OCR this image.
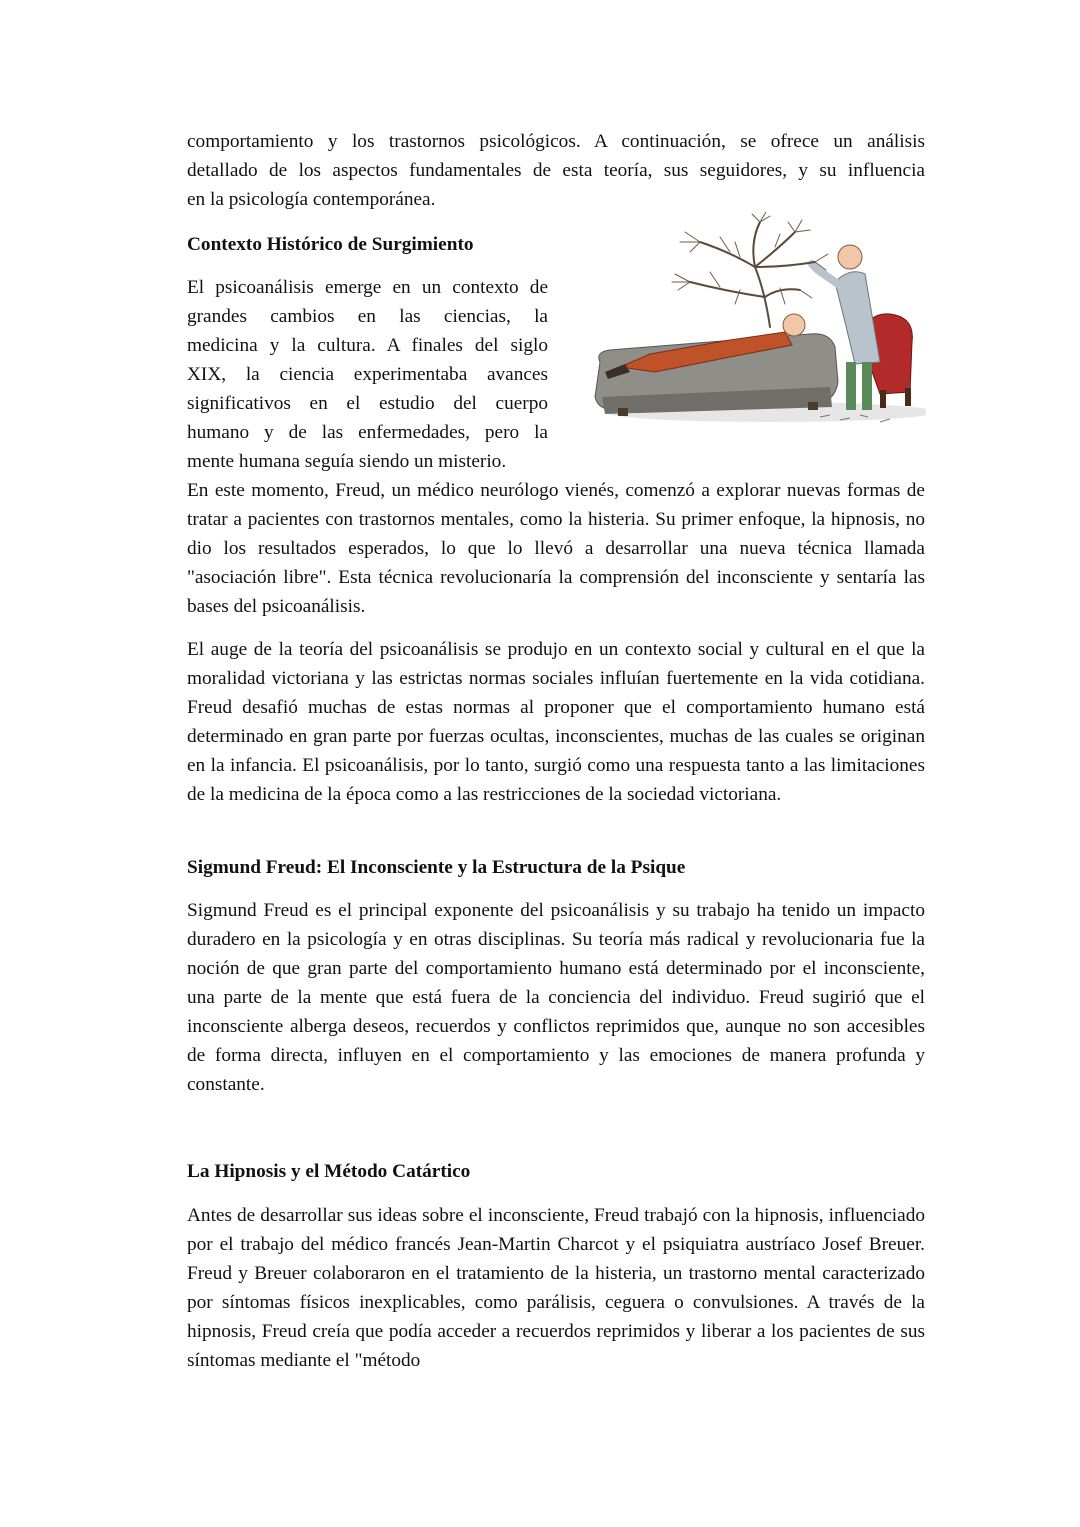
comportamiento y los trastornos psicológicos. A continuación, se ofrece un análisis

detallado de los aspectos fundamentales de esta teoría, sus seguidores, y su influencia

en la psicología contemporánea.

Contexto Histórico de Surgimiento

El psicoanálisis emerge en un contexto de

grandes cambios en las ciencias, la

medicina y la cultura. A finales del siglo

XIX, la ciencia experimentaba avances

significativos en el estudio del cuerpo

humano y de las enfermedades, pero la

mente humana seguía siendo un misterio.

En este momento, Freud, un médico neurólogo vienés, comenzó a explorar nuevas formas de tratar a pacientes con trastornos mentales, como la histeria. Su primer enfoque, la hipnosis, no dio los resultados esperados, lo que lo llevó a desarrollar una nueva técnica llamada "asociación libre". Esta técnica revolucionaría la comprensión del inconsciente y sentaría las bases del psicoanálisis.

El auge de la teoría del psicoanálisis se produjo en un contexto social y cultural en el que la moralidad victoriana y las estrictas normas sociales influían fuertemente en la vida cotidiana. Freud desafió muchas de estas normas al proponer que el comportamiento humano está determinado en gran parte por fuerzas ocultas, inconscientes, muchas de las cuales se originan en la infancia. El psicoanálisis, por lo tanto, surgió como una respuesta tanto a las limitaciones de la medicina de la época como a las restricciones de la sociedad victoriana.

Sigmund Freud: El Inconsciente y la Estructura de la Psique

Sigmund Freud es el principal exponente del psicoanálisis y su trabajo ha tenido un impacto duradero en la psicología y en otras disciplinas. Su teoría más radical y revolucionaria fue la noción de que gran parte del comportamiento humano está determinado por el inconsciente, una parte de la mente que está fuera de la conciencia del individuo. Freud sugirió que el inconsciente alberga deseos, recuerdos y conflictos reprimidos que, aunque no son accesibles de forma directa, influyen en el comportamiento y las emociones de manera profunda y constante.

La Hipnosis y el Método Catártico

Antes de desarrollar sus ideas sobre el inconsciente, Freud trabajó con la hipnosis, influenciado por el trabajo del médico francés Jean-Martin Charcot y el psiquiatra austríaco Josef Breuer. Freud y Breuer colaboraron en el tratamiento de la histeria, un trastorno mental caracterizado por síntomas físicos inexplicables, como parálisis, ceguera o convulsiones. A través de la hipnosis, Freud creía que podía acceder a recuerdos reprimidos y liberar a los pacientes de sus síntomas mediante el "método
